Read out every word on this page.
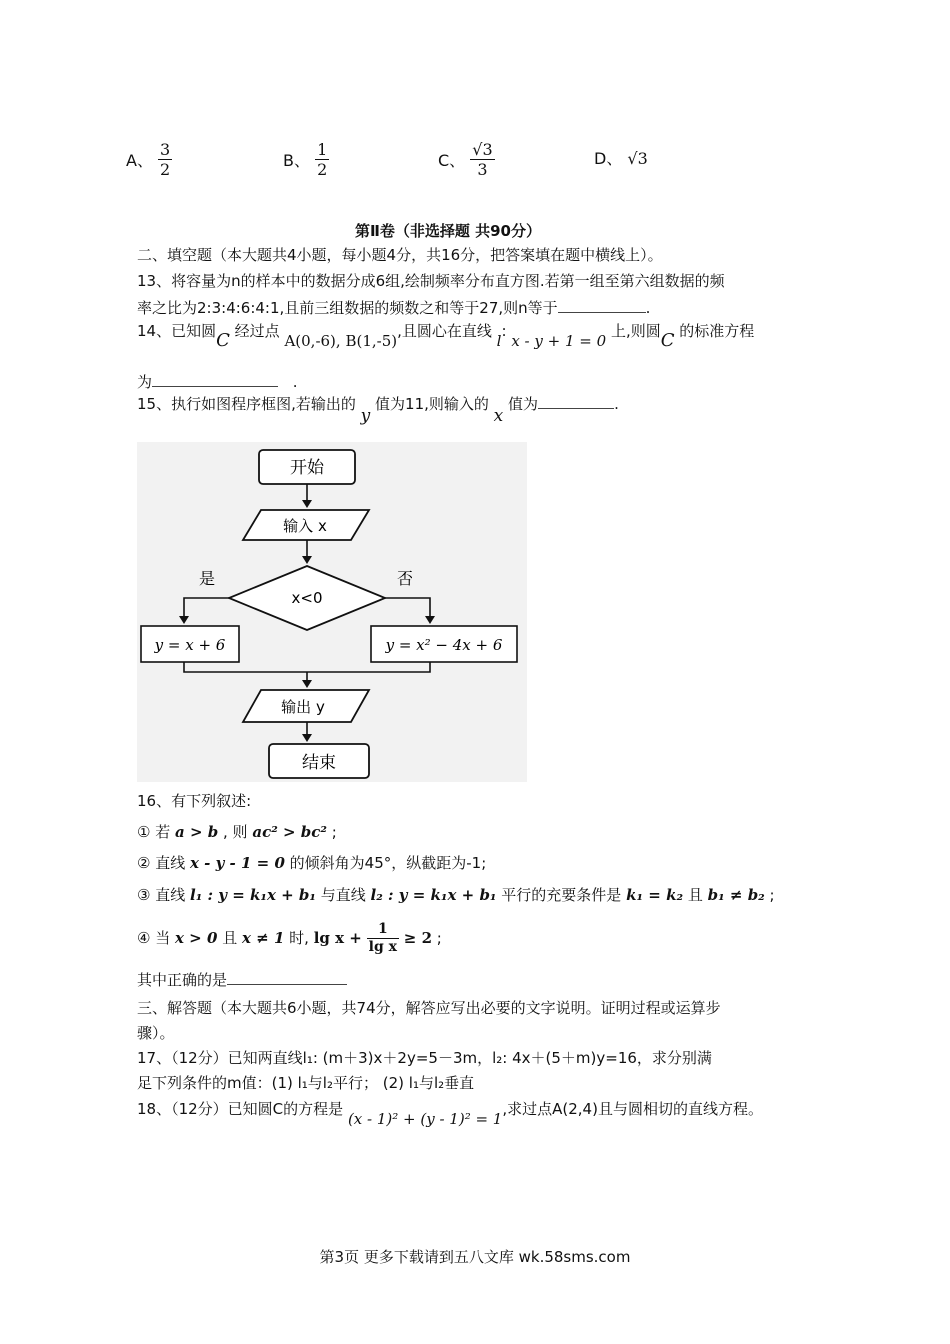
A、 $\frac{3}{2}$	B、 $\frac{1}{2}$	C、 $\frac{√3}{3}$	D、 √3
第Ⅱ卷（非选择题 共90分）
二、填空题（本大题共4小题，每小题4分，共16分，把答案填在题中横线上）。
13、将容量为n的样本中的数据分成6组,绘制频率分布直方图.若第一组至第六组数据的频
率之比为2:3:4:6:4:1,且前三组数据的频数之和等于27,则n等于	.
14、已知圆C 经过点 A(0,-6), B(1,-5),且圆心在直线 l: x - y + 1 = 0 上,则圆C 的标准方程
为	.
15、执行如图程序框图,若输出的 y 值为11,则输入的 x 值为	.
开始
输入 x
x<0
是	否
y = x + 6	y = x² − 4x + 6
输出 y
结束
16、有下列叙述:
① 若 a > b , 则 ac² > bc² ;
② 直线 x - y - 1 = 0 的倾斜角为45°，纵截距为-1;
③ 直线 l₁ : y = k₁x + b₁ 与直线 l₂ : y = k₁x + b₁ 平行的充要条件是 k₁ = k₂ 且 b₁ ≠ b₂ ;
④ 当 x > 0 且 x ≠ 1 时, $\lg x + \frac{1}{\text{lg x}} \ge 2$ ;
其中正确的是
三、解答题（本大题共6小题，共74分，解答应写出必要的文字说明。证明过程或运算步
骤）。
17、（12分）已知两直线l₁: (m＋3)x＋2y=5－3m，l₂: 4x＋(5＋m)y=16，求分别满
足下列条件的m值：(1) l₁与l₂平行； (2) l₁与l₂垂直
18、（12分）已知圆C的方程是 (x - 1)² + (y - 1)² = 1,求过点A(2,4)且与圆相切的直线方程。
第3页 更多下载请到五八文库 wk.58sms.com
